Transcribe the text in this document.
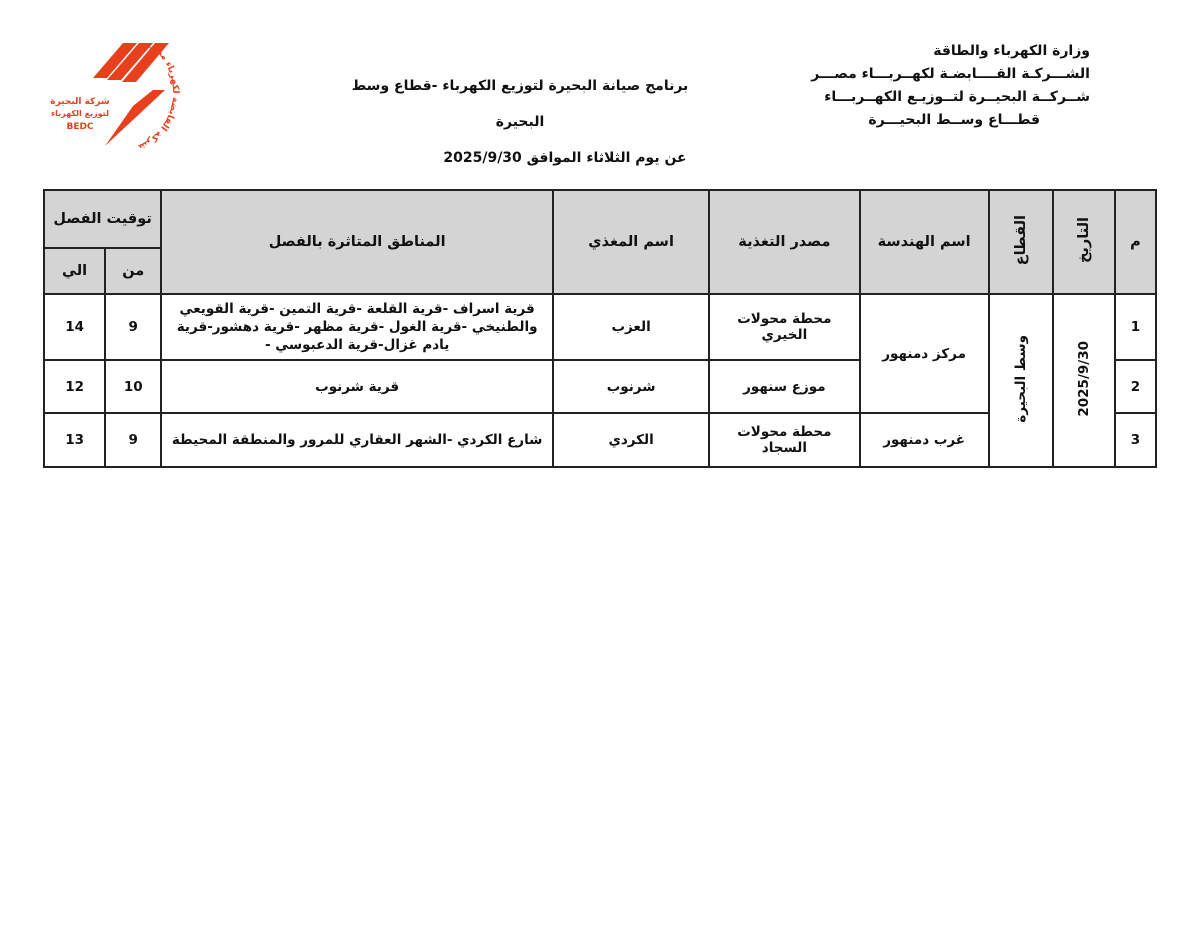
وزارة الكهرباء والطاقة
الشـــركـة القــــابضـة لكهــربـــاء مصـــر
شــركــة البحيــرة لتــوزيـع الكهــربـــاء
قطـــاع وســط البحيـــرة
برنامج صيانة البحيرة لتوزيع الكهرباء -قطاع وسط البحيرة
عن يوم الثلاثاء الموافق 2025/9/30
شركة القابضة لكهرباء مصر
شركة البحيرة
لتوزيع الكهرباء
BEDC
م	التاريخ	القطاع	اسم الهندسة	مصدر التغذية	اسم المغذي	المناطق المتاثرة بالفصل	توقيت الفصل	
							من	الي
1	2025/9/30	وسط البحيرة	مركز دمنهور	محطة محولات الخيري	العزب	قرية اسراف -قرية القلعة -قرية التمين -قرية القويعي والطنيخي -قرية الغول -قرية مظهر -قرية دهشور-قرية يادم غزال-قرية الدعبوسي -	9	14
2				موزع سنهور	شرنوب	قرية شرنوب	10	12
3			غرب دمنهور	محطة محولات السجاد	الكردي	شارع الكردي -الشهر العقاري للمرور والمنطقة المحيطة	9	13
